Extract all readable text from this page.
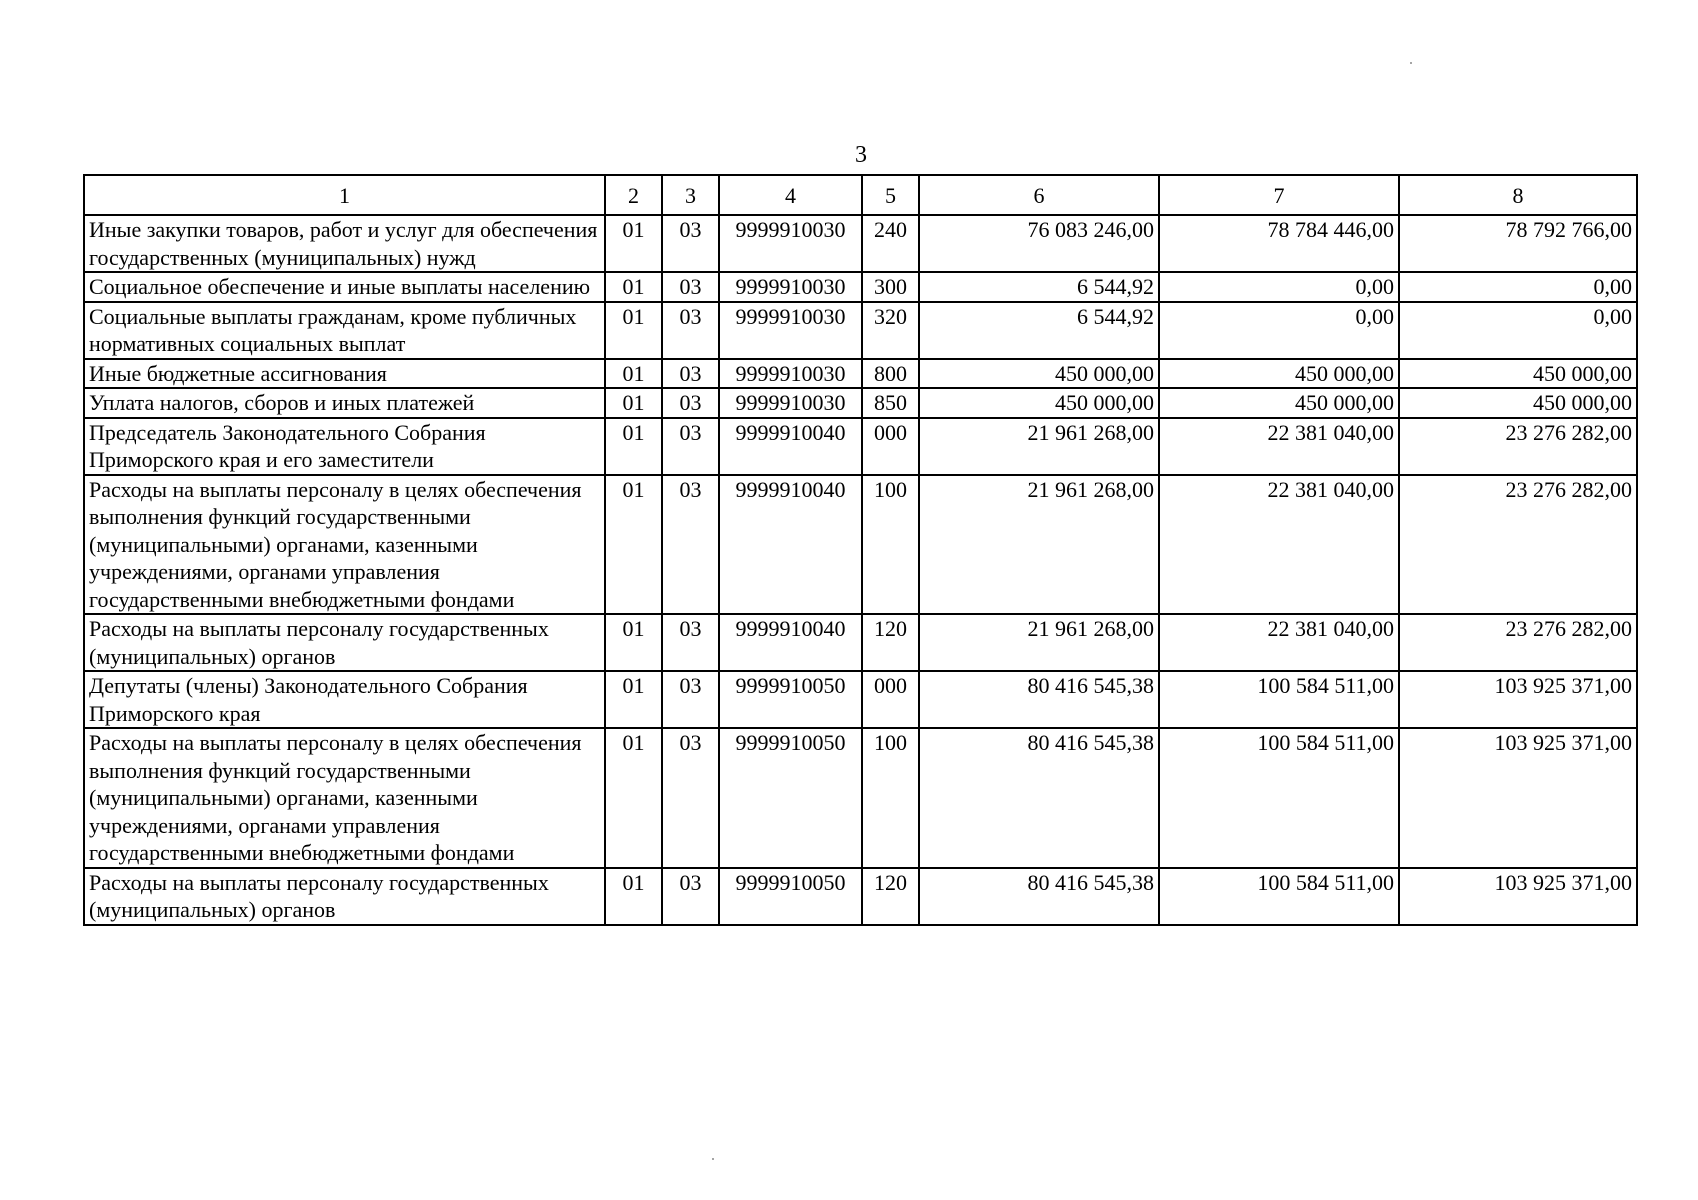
3
1	2	3	4	5	6	7	8
Иные закупки товаров, работ и услуг для обеспечения государственных (муниципальных) нужд	01	03	9999910030	240	76 083 246,00	78 784 446,00	78 792 766,00
Социальное обеспечение и иные выплаты населению	01	03	9999910030	300	6 544,92	0,00	0,00
Социальные выплаты гражданам, кроме публичных нормативных социальных выплат	01	03	9999910030	320	6 544,92	0,00	0,00
Иные бюджетные ассигнования	01	03	9999910030	800	450 000,00	450 000,00	450 000,00
Уплата налогов, сборов и иных платежей	01	03	9999910030	850	450 000,00	450 000,00	450 000,00
Председатель Законодательного Собрания Приморского края и его заместители	01	03	9999910040	000	21 961 268,00	22 381 040,00	23 276 282,00
Расходы на выплаты персоналу в целях обеспечения выполнения функций государственными (муниципальными) органами, казенными учреждениями, органами управления государственными внебюджетными фондами	01	03	9999910040	100	21 961 268,00	22 381 040,00	23 276 282,00
Расходы на выплаты персоналу государственных (муниципальных) органов	01	03	9999910040	120	21 961 268,00	22 381 040,00	23 276 282,00
Депутаты (члены) Законодательного Собрания Приморского края	01	03	9999910050	000	80 416 545,38	100 584 511,00	103 925 371,00
Расходы на выплаты персоналу в целях обеспечения выполнения функций государственными (муниципальными) органами, казенными учреждениями, органами управления государственными внебюджетными фондами	01	03	9999910050	100	80 416 545,38	100 584 511,00	103 925 371,00
Расходы на выплаты персоналу государственных (муниципальных) органов	01	03	9999910050	120	80 416 545,38	100 584 511,00	103 925 371,00
